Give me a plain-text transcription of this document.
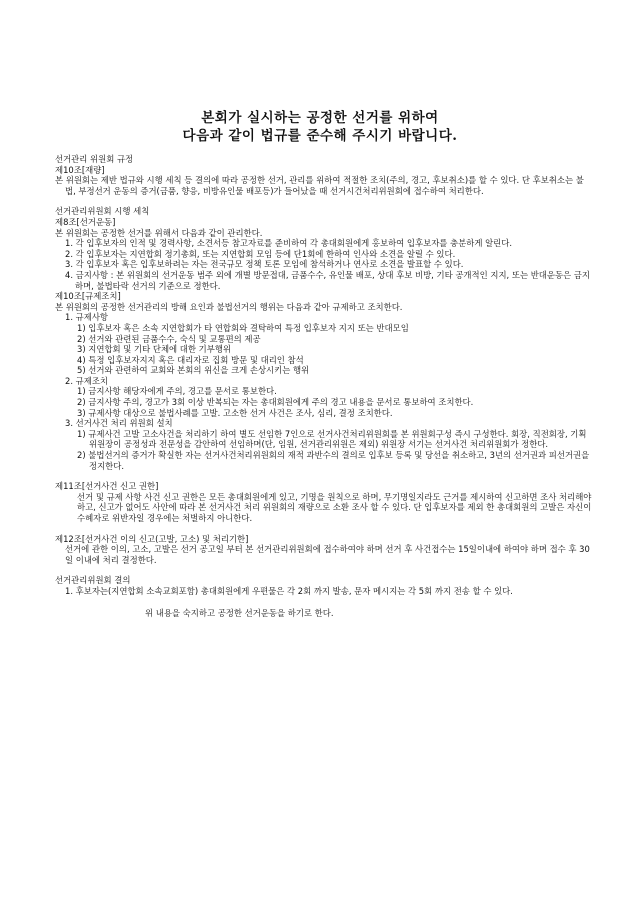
본회가 실시하는 공정한 선거를 위하여
다음과 같이 법규를 준수해 주시기 바랍니다.
선거관리 위원회 규정
제10조[재량]
본 위원회는 제반 법규와 시행 세칙 등 결의에 따라 공정한 선거, 관리를 위하여 적절한 조치(주의, 경고, 후보취소)를 할 수 있다. 단 후보취소는 불법, 부정선거 운동의 증거(금품, 향응, 비방유인물 배포등)가 들어났을 때 선거시건처리위원회에 접수하여 처리한다.
선거관리위원회 시행 세칙
제8조[선거운동]
본 위원회는 공정한 선거를 위해서 다음과 같이 관리한다.
1. 각 입후보자의 인적 및 경력사항, 소견서등 참고자료를 준비하여 각 총대회원에게 홍보하여 입후보자를 충분하게 알린다.
2. 각 입후보자는 지연합회 정기총회, 또는 지연합회 모임 등에 단1회에 한하여 인사와 소견을 알릴 수 있다.
3. 각 입후보자 혹은 입후보하려는 자는 전국규모 정책 토론 모임에 참석하거나 연사로 소견을 발표할 수 있다.
4. 금지사항 : 본 위원회의 선거운동 범주 외에 개별 방문접대, 금품수수, 유인물 배포, 상대 후보 비방, 기타 공개적인 지지, 또는 반대운동은 금지하며, 불법타락 선거의 기준으로 정한다.
제10조[규제조치]
본 위원회의 공정한 선거관리의 방해 요인과 불법선거의 행위는 다음과 같아 규제하고 조치한다.
1. 규제사항
1) 입후보자 혹은 소속 지연합회가 타 연합회와 결탁하여 특정 입후보자 지지 또는 반대모임
2) 선거와 관련된 금품수수, 숙식 및 교통편의 제공
3) 지연합회 및 기타 단체에 대한 기부행위
4) 특정 입후보자지지 혹은 대리자로 집회 방문 및 대리인 참석
5) 선거와 관련하여 교회와 본회의 위신을 크게 손상시키는 행위
2. 규제조치
1) 금지사항 해당자에게 주의, 경고를 문서로 통보한다.
2) 금지사항 주의, 경고가 3회 이상 반복되는 자는 총대회원에게 주의 경고 내용을 문서로 통보하여 조치한다.
3) 규제사항 대상으로 불법사례를 고발. 고소한 선거 사건은 조사, 심리, 결정 조치한다.
3. 선거사건 처리 위원회 설치
1) 규제사건 고발 고소사건을 처리하기 하여 별도 선임한 7인으로 선거사건처리위원회를 본 위원회구성 즉시 구성한다. 회장, 직전회장, 기획위원장이 공정성과 전문성을 감안하여 선임하며(단, 임원, 선거관리위원은 제외) 위원장 서기는 선거사건 처리위원회가 정한다.
2) 불법선거의 증거가 확실한 자는 선거사건처리위원회의 재적 과반수의 결의로 입후보 등록 및 당선을 취소하고, 3년의 선거권과 피선거권을 정지한다.
제11조[선거사건 신고 권한]
선거 및 규제 사항 사건 신고 권한은 모든 총대회원에게 있고, 기명을 원칙으로 하며, 무기명일지라도 근거를 제시하여 신고하면 조사 처리해야 하고, 신고가 없어도 사안에 따라 본 선거사건 처리 위원회의 재량으로 소환 조사 할 수 있다. 단 입후보자를 제외 한 총대회원의 고발은 자신이 수혜자로 위반자일 경우에는 처벌하지 아니한다.
제12조[선거사건 이의 신고(고발, 고소) 및 처리기한]
선거에 관한 이의, 고소, 고발은 선거 공고일 부터 본 선거관리위원회에 접수하여야 하며 선거 후 사건접수는 15일이내에 하여야 하며 접수 후 30일 이내에 처리 결정한다.
선거관리위원회 결의
1. 후보자는(지연합회 소속교회포함) 총대회원에게 우편물은 각 2회 까지 발송, 문자 메시지는 각 5회 까지 전송 할 수 있다.
위 내용을 숙지하고 공정한 선거운동을 하기로 한다.
